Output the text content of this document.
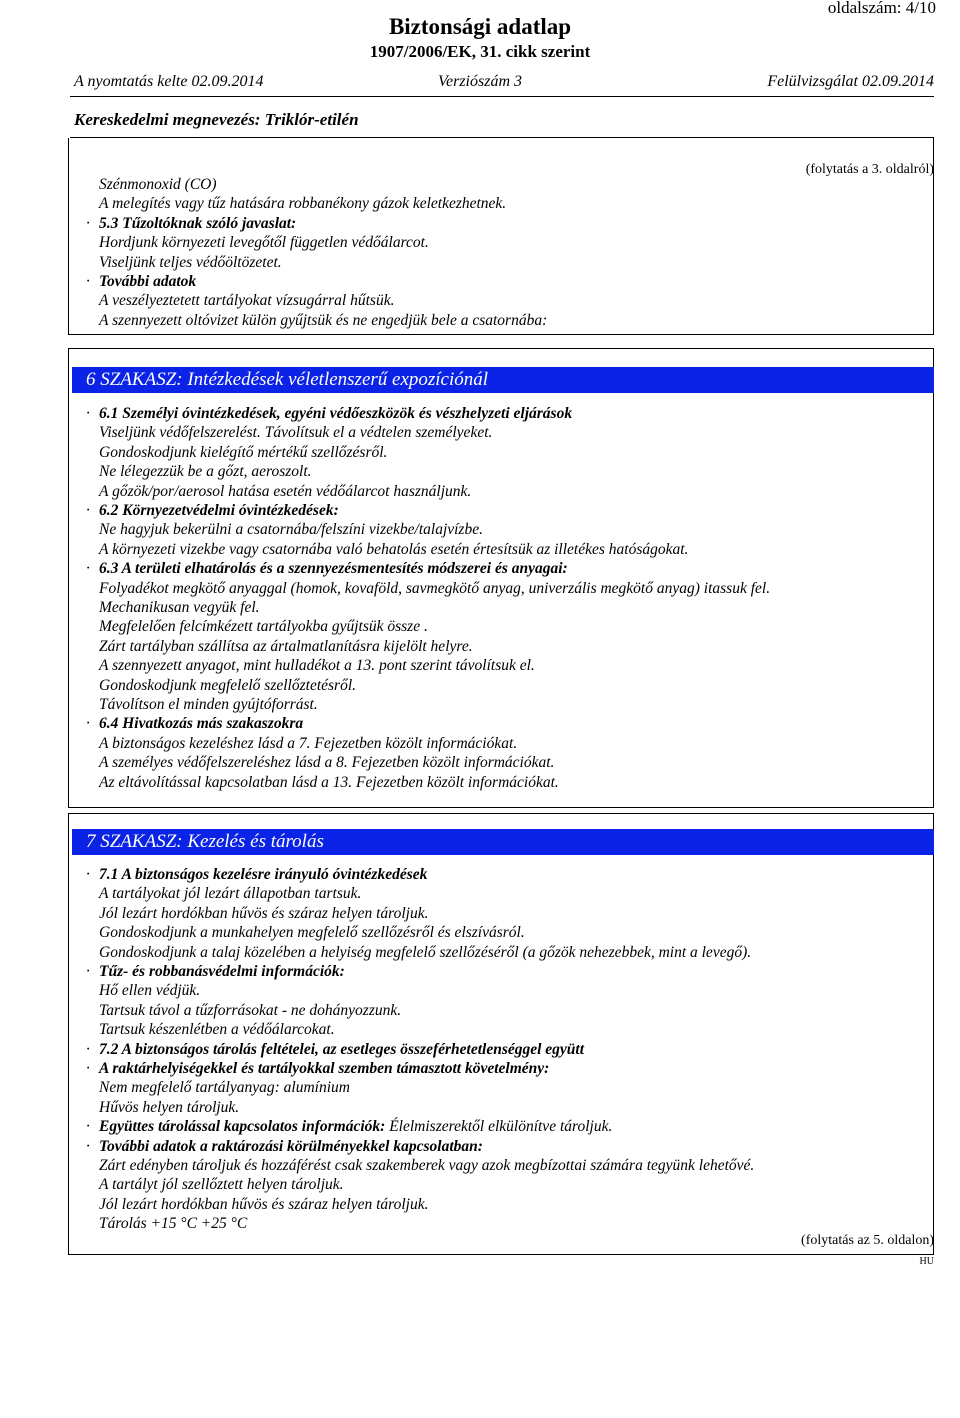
oldalszám: 4/10
Biztonsági adatlap
1907/2006/EK, 31. cikk szerint
A nyomtatás kelte 02.09.2014	Verziószám 3	Felülvizsgálat 02.09.2014
Kereskedelmi megnevezés: Triklór-etilén
(folytatás a 3. oldalról)
Szénmonoxid (CO)
A melegítés vagy tűz hatására robbanékony gázok keletkezhetnek.
· 5.3 Tűzoltóknak szóló javaslat:
Hordjunk környezeti levegőtől független védőálarcot.
Viseljünk teljes védőöltözetet.
· További adatok
A veszélyeztetett tartályokat vízsugárral hűtsük.
A szennyezett oltóvizet külön gyűjtsük és ne engedjük bele a csatornába:
6 SZAKASZ: Intézkedések véletlenszerű expozíciónál
· 6.1 Személyi óvintézkedések, egyéni védőeszközök és vészhelyzeti eljárások
Viseljünk védőfelszerelést. Távolítsuk el a védtelen személyeket.
Gondoskodjunk kielégítő mértékű szellőzésről.
Ne lélegezzük be a gőzt, aeroszolt.
A gőzök/por/aerosol hatása esetén védőálarcot használjunk.
· 6.2 Környezetvédelmi óvintézkedések:
Ne hagyjuk bekerülni a csatornába/felszíni vizekbe/talajvízbe.
A környezeti vizekbe vagy csatornába való behatolás esetén értesítsük az illetékes hatóságokat.
· 6.3 A területi elhatárolás és a szennyezésmentesítés módszerei és anyagai:
Folyadékot megkötő anyaggal (homok, kovaföld, savmegkötő anyag, univerzális megkötő anyag) itassuk fel.
Mechanikusan vegyük fel.
Megfelelően felcímkézett tartályokba gyűjtsük össze .
Zárt tartályban szállítsa az ártalmatlanításra kijelölt helyre.
A szennyezett anyagot, mint hulladékot a 13. pont szerint távolítsuk el.
Gondoskodjunk megfelelő szellőztetésről.
Távolítson el minden gyújtóforrást.
· 6.4 Hivatkozás más szakaszokra
A biztonságos kezeléshez lásd a 7. Fejezetben közölt információkat.
A személyes védőfelszereléshez lásd a 8. Fejezetben közölt információkat.
Az eltávolítással kapcsolatban lásd a 13. Fejezetben közölt információkat.
7 SZAKASZ: Kezelés és tárolás
· 7.1 A biztonságos kezelésre irányuló óvintézkedések
A tartályokat jól lezárt állapotban tartsuk.
Jól lezárt hordókban hűvös és száraz helyen tároljuk.
Gondoskodjunk a munkahelyen megfelelő szellőzésről és elszívásról.
Gondoskodjunk a talaj közelében a helyiség megfelelő szellőzéséről (a gőzök nehezebbek, mint a levegő).
· Tűz- és robbanásvédelmi információk:
Hő ellen védjük.
Tartsuk távol a tűzforrásokat - ne dohányozzunk.
Tartsuk készenlétben a védőálarcokat.
· 7.2 A biztonságos tárolás feltételei, az esetleges összeférhetetlenséggel együtt
· A raktárhelyiségekkel és tartályokkal szemben támasztott követelmény:
Nem megfelelő tartályanyag: alumínium
Hűvös helyen tároljuk.
· Együttes tárolással kapcsolatos információk: Élelmiszerektől elkülönítve tároljuk.
· További adatok a raktározási körülményekkel kapcsolatban:
Zárt edényben tároljuk és hozzáférést csak szakemberek vagy azok megbízottai számára tegyünk lehetővé.
A tartályt jól szellőztett helyen tároljuk.
Jól lezárt hordókban hűvös és száraz helyen tároljuk.
Tárolás +15 °C +25 °C
(folytatás az 5. oldalon)
HU
